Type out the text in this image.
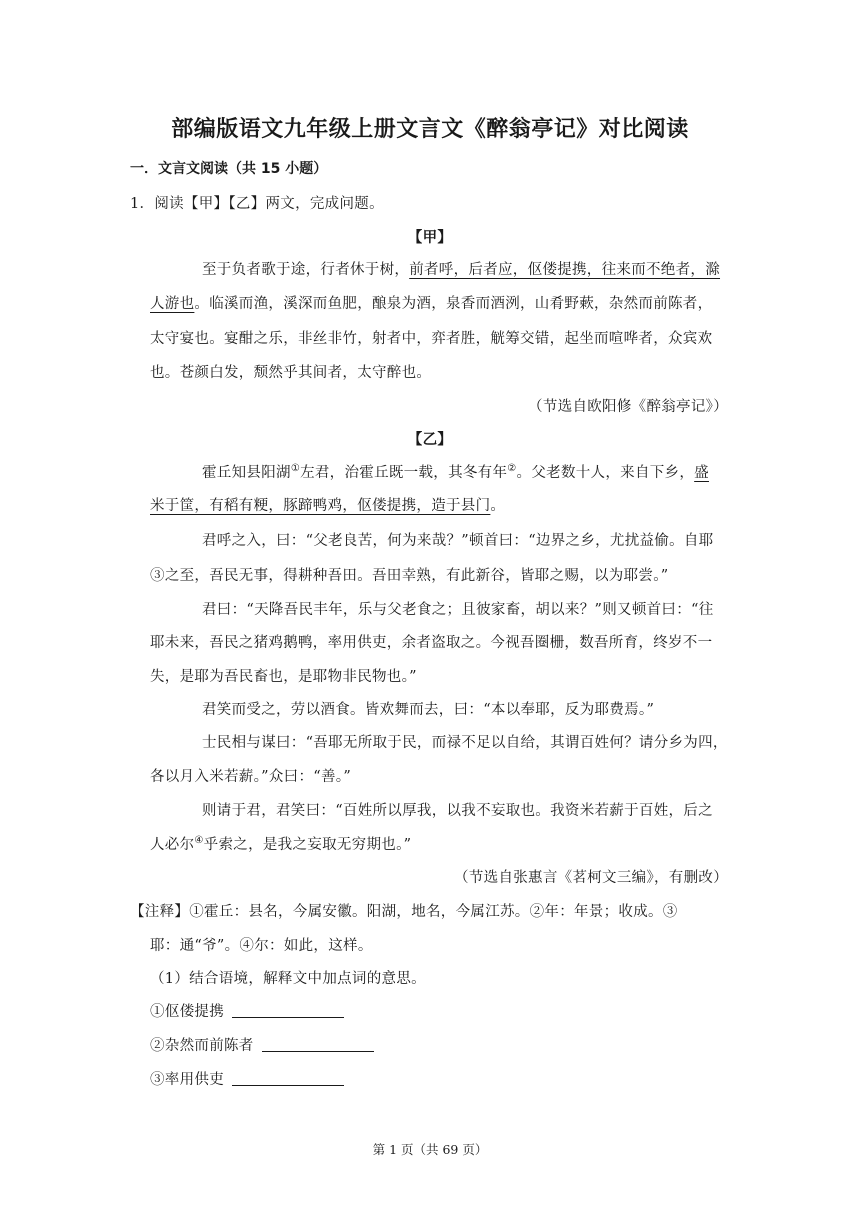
部编版语文九年级上册文言文《醉翁亭记》对比阅读
一．文言文阅读（共 15 小题）
1．阅读【甲】【乙】两文，完成问题。
【甲】
至于负者歌于途，行者休于树，前者呼，后者应，伛偻提携，往来而不绝者，滁
人游也。临溪而渔，溪深而鱼肥，酿泉为酒，泉香而酒洌，山肴野蔌，杂然而前陈者，
太守宴也。宴酣之乐，非丝非竹，射者中，弈者胜，觥筹交错，起坐而喧哗者，众宾欢
也。苍颜白发，颓然乎其间者，太守醉也。
（节选自欧阳修《醉翁亭记》）
【乙】
霍丘知县阳湖①左君，治霍丘既一载，其冬有年②。父老数十人，来自下乡，盛
米于筐，有稻有粳，豚蹄鸭鸡，伛偻提携，造于县门。
君呼之入，曰：“父老良苦，何为来哉？”顿首曰：“边界之乡，尤扰益偷。自耶
③之至，吾民无事，得耕种吾田。吾田幸熟，有此新谷，皆耶之赐，以为耶尝。”
君曰：“天降吾民丰年，乐与父老食之；且彼家畜，胡以来？”则又顿首曰：“往
耶未来，吾民之猪鸡鹅鸭，率用供吏，余者盗取之。今视吾圈栅，数吾所育，终岁不一
失，是耶为吾民畜也，是耶物非民物也。”
君笑而受之，劳以酒食。皆欢舞而去，曰：“本以奉耶，反为耶费焉。”
士民相与谋曰：“吾耶无所取于民，而禄不足以自给，其谓百姓何？请分乡为四，
各以月入米若薪。”众曰：“善。”
则请于君，君笑曰：“百姓所以厚我，以我不妄取也。我资米若薪于百姓，后之
人必尔④乎索之，是我之妄取无穷期也。”
（节选自张惠言《茗柯文三编》，有删改）
【注释】①霍丘：县名，今属安徽。阳湖，地名，今属江苏。②年：年景；收成。③
耶：通“爷”。④尔：如此，这样。
（1）结合语境，解释文中加点词的意思。
①伛偻提携
②杂然而前陈者
③率用供吏
第 1 页（共 69 页）
